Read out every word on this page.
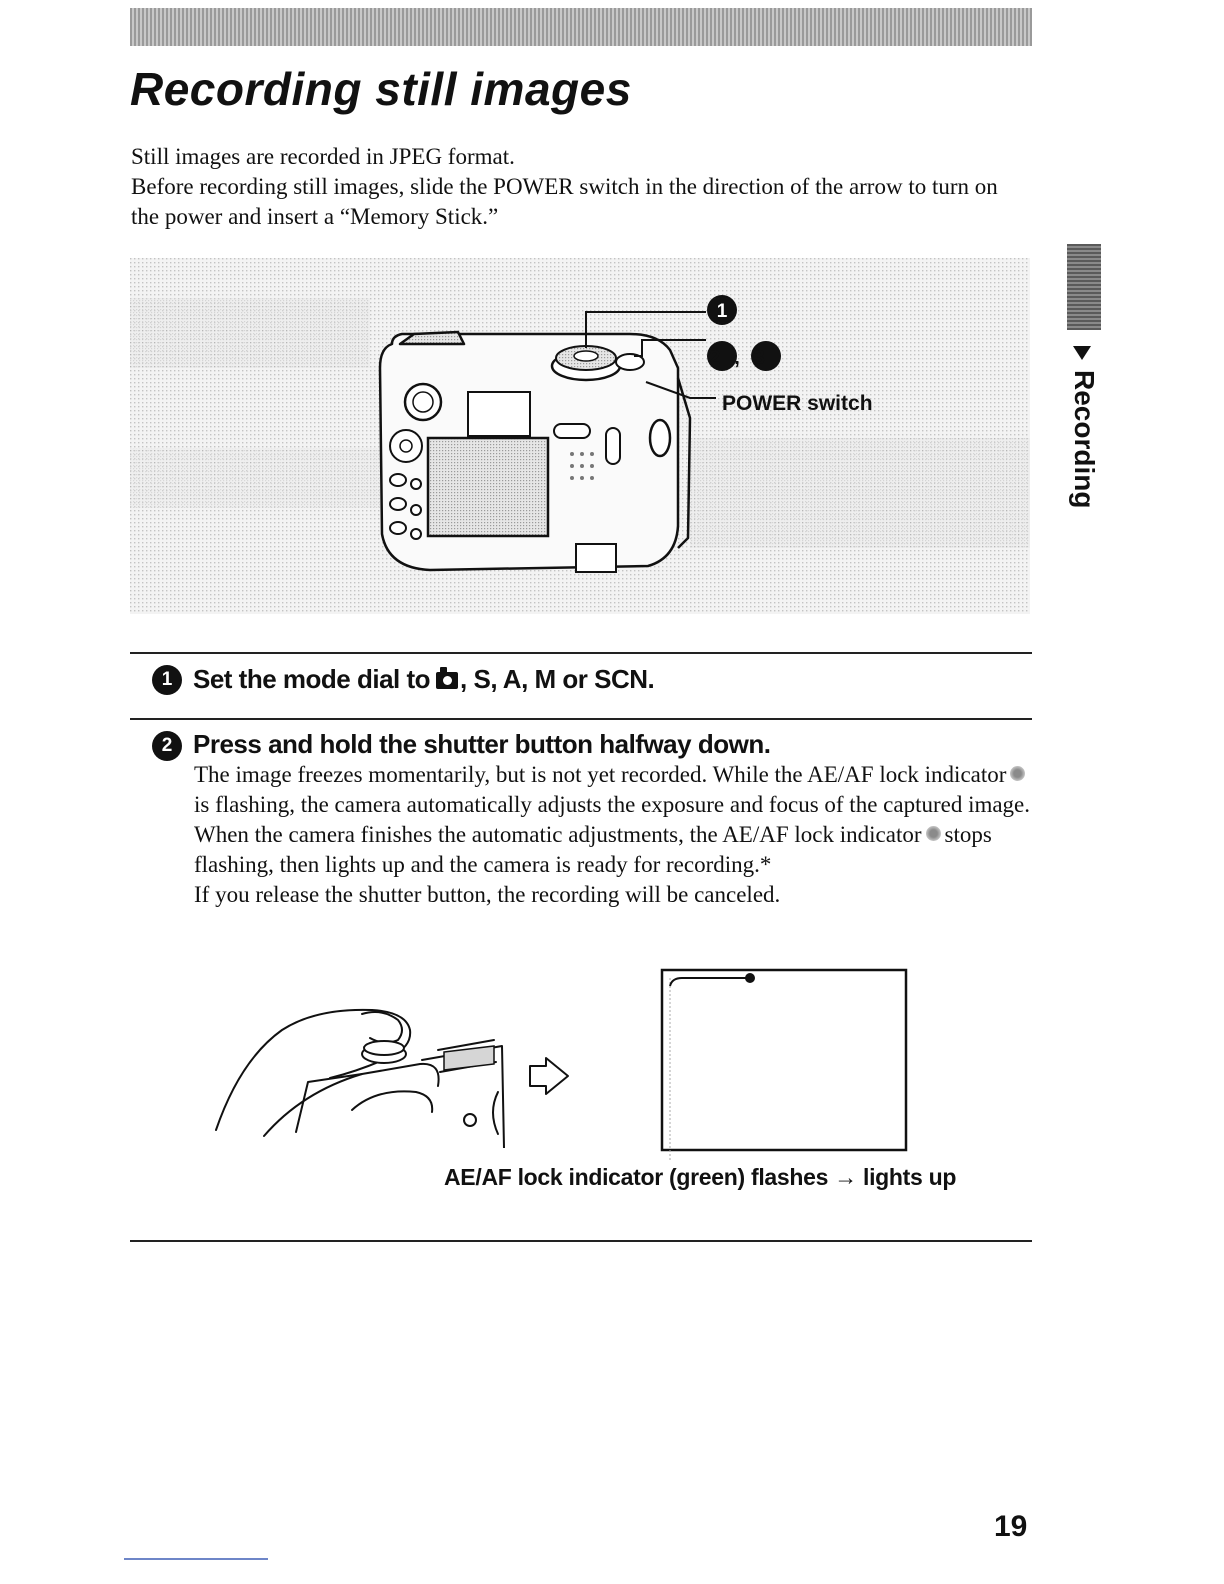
Recording still images

Still images are recorded in JPEG format.

Before recording still images, slide the POWER switch in the direction of the arrow to turn on the power and insert a “Memory Stick.”

Recording
1
2,3
POWER switch
1 Set the mode dial to , S, A, M or SCN.
2 Press and hold the shutter button halfway down.

The image freezes momentarily, but is not yet recorded. While the AE/AF lock indicatoris flashing, the camera automatically adjusts the exposure and focus of the captured image. When the camera finishes the automatic adjustments, the AE/AF lock indicator stops flashing, then lights up and the camera is ready for recording.*

If you release the shutter button, the recording will be canceled.

AE/AF lock indicator (green) flashes → lights up
19
